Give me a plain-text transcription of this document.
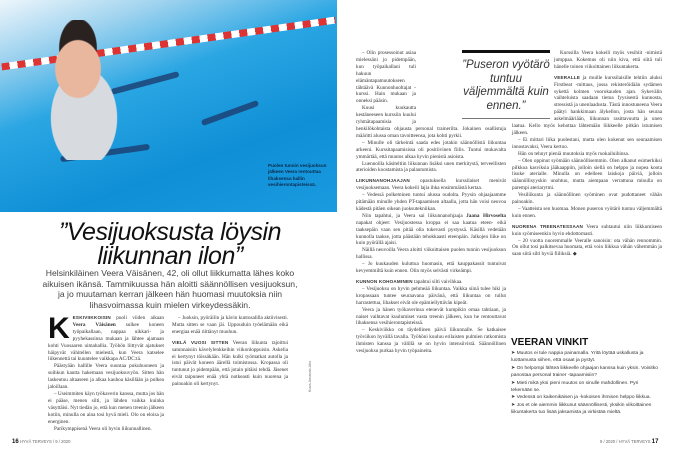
Puolen tunnin vesijuoksun jälkeen Veera rentouttaa lihaksensa hallin vesihierontapisteissä.
”Vesijuoksusta löysin
liikunnan ilon”
Helsinkiläinen Veera Väisänen, 42, oli ollut liikkumatta lähes koko aikuisen ikänsä. Tammikuussa hän aloitti säännöllisen vesijuoksun, ja jo muutaman kerran jälkeen hän huomasi muutoksia niin lihasvoimassa kuin mielen virkeydessäkin.

KESKIVIIKKOISIN puoli viiden aikaan Veera Väisänen sulkee koneen työpaikallaan, nappaa uikkari- ja pyyhekassinsa mukaan ja lähtee ajamaan kohti Vuosaaren uimahallia. Työhön liittyvät ajatukset häipyvät vähitellen mielestä, kun Veera katselee liikennettä tai kuuntelee vaikkapa AC/DC:tä.

Päästyään hallille Veera suuntaa pukuhuoneen ja suihkun kautta hakemaan vesijuoksuvyön. Sitten hän laskeutuu altaaseen ja alkaa kauhoa käsillään ja polkea jaloillaan.

– Useimmiten käyn työkaverin kanssa, mutta jos hän ei pääse, menen silti, ja lähden vaikka kuinka väsyttäisi. Nyt tiedän jo, että kun menen treenin jälkeen kotiin, minulla on aina tosi hyvä mieli. Olo on eloisa ja energinen.

Parikymppisenä Veera oli hyvin liikunnallinen.

– Juoksin, pyöräilin ja kävin kuntosalilla aktiivisesti. Mutta sitten se vaan jäi. Uppouduin työelämään eikä energiaa enää riittänyt muuhun.

VIELÄ VUOSI SITTEN Veeran liikunta rajoittui satunnaisiin kävelylenkkeihin viikonloppuisin. Askelia ei kertynyt töissäkään. Hän kulki työmatkat autolla ja istui päivät koneen äärellä toimistossa. Kropassa oli tuntunut jo pidempään, että jotain pitäisi tehdä. Jäsenet eivät taipuneet enää yhtä notkeasti kuin nuorena ja painoakin oli kertynyt.	Kuva Amanda Aho
16 HYVÄ TERVEYS / 9 / 2020

– Olin prosessoinut asiaa mielessäni jo pidempään, kun työpaikallani tuli hakuun elämäntapamuutokseen tähtäävä Kunnonhuoltajat -kurssi. Hain mukaan ja onneksi pääsin.

Kuusi kuukautta kestäneeseen kurssiin kuului ryhmätapaamisia ja henkilökohtaista ohjausta personal trainerilta. Jokainen osallistuja määritti alussa oman tavoitteensa, jota kohti pyrkii.

– Minulle oli tärkeintä saada edes jotakin säännöllistä liikuntaa arkeeni. Kurssitapaamisissa oli positiivinen fiilis. Tuntui mukavalta ymmärtää, että muutos alkaa hyvin pienistä asioista.

Luennoilla käsiteltiin liikunnan lisäksi unen merkitystä, terveellisten aterioiden koostamista ja palautumista.

LIIKUNNANOHJAAJAN opastuksella kurssilaiset menivät vesijuoksemaan. Veera kokeili lajia ihka ensimmäistä kertaa.

– Vedessä polkeminen tuntui alussa oudolta. Pyysin ohjaajaamme pitämään minulle yhden PT-tapaamisen altaalla, jotta hän voisi neuvoa kädestä pitäen oikean juoksutekniikan.

Niin tapahtui, ja Veera sai liikunnanohjaaja Jaana Hirvoselta napakat ohjeet: Vesijuostessa kroppa ei saa kaatua eteen- eikä taaksepäin vaan sen pitää olla tukevasti pystyssä. Käsillä vedetään kunnolla taakse, jotta päästään tehokkaasti eteenpäin. Jalkojen liike on kuin pyörällä ajaisi.

Näillä neuvoilla Veera aloitti viikoittaisen puolen tunnin vesijuoksun hallissa.

– Jo kuukauden kuluttua huomasin, että kauppakassit tuntuivat kevyemmiltä kuin ennen. Olin myös selvästi virkeämpi.

KUNNON KOHOAMINEN tapahtui silti vaivihkaa.

– Vesijuoksu on hyvin pehmeää liikuntaa. Vaikka siinä tulee hiki ja kropassaan tuntee seuraavana päivänä, että liikuntaa on tullut harrastettua, lihakset eivät ole epämiellyttävän kipeät.

Veera ja hänen työkaverinsa etenevät kumpikin omaa tahtiaan, ja naiset vaihtavat kuulumiset vasta treenin jälkeen, kun he rentouttavat lihaksensa vesihierontapisteissä.

– Keskiviikko on täydellinen päivä liikunnalle. Se katkaisee työviikon hyvällä tavalla. Työhöni kuuluu erilaisten pulmien ratkomista ihmisten kanssa ja välillä se on hyvin intensiivistä. Säännöllinen vesijuoksu purkaa hyvin työpaineita.

”Puseron vyötärö tuntuu väljemmältä kuin ennen.”

Kurssilla Veera kokeili myös vesihiit -nimistä jumppaa. Kokemus oli niin kiva, että siitä tuli hänelle toinen viikoittainen liikuntakerta.

VEERALLE ja muille kurssilaisille tehtiin aluksi Firstbeat -mittaus, jossa rekisteröidään sydämen sykettä kolmen vuorokauden ajan. Sykevälin vaihteluista saadaan tietoa fyysisestä kunnosta, stressistä ja unenlaadusta. Tästä innostuneena Veera päätyi hankkimaan älykellon, josta hän seuraa askelmääriään, liikunnan rasittavuutta ja unen laatua. Kello myös kehottaa lähtemään liikkeelle pitkän istumisen jälkeen.

– Ei mittari liika puolestani, mutta olen kokenut sen seuraamisen innostavaksi, Veera kertoo.

Hän on tehnyt pieniä muutoksia myös ruokailuihinsa.

– Olen oppinut syömään säännöllisemmin. Olen alkanut esimerkiksi pilkkoa kasviksia jääkaappiin, jolloin siellä on helppo ja nopea koota lisuke aterialle. Minulla on edelleen laiskoja päiviä, jolloin säännöllisyyskin unohtuu, mutta aiempaan verrattuna minulla on parempi ateriarytmi.

Vesiliikunta ja säännöllinen syöminen ovat pudottaneet vähän painoakin.

– Vaatteista sen huomaa. Monen puseron vyötärö tuntuu väljemmältä kuin ennen.

NUORENA TREENATESSAAN Veera suhtautui niin liikkumiseen kuin syömiseenkin hyvin ehdottomasti.

– 20 vuotta nuoremmalle Veeralle sanoisin: ota vähän rennommin. On ollut tosi palkitsevaa huomata, että voin liikkua vähän vähemmän ja saan siitä silti hyviä fiiliksiä. ◆

VEERAN VINKIT
➤ Muutos ei tule nappia painamalla. Yritä löytää uskallusta ja luottamusta siihen, että osaat ja pystyt.
➤ On helpompi lähteä liikkeelle ohjaajan kanssa kuin yksin. Voisitko panostaa personal trainer -tapaamisiin?
➤ Mieti mikä yksi pieni muutos on sinulle mahdollinen. Pyri tekemään se.
➤ Vedessä on kaikenikäisen ja -kokoisen ihmisen helppo liikkua.
➤ Jos et ole aiemmin liikkunut säännöllisesti, yksikin viikoittainen liikuntakerta tuo lisää jaksamista ja virkistää mieltä.
9 / 2020 / HYVÄ TERVEYS 17
